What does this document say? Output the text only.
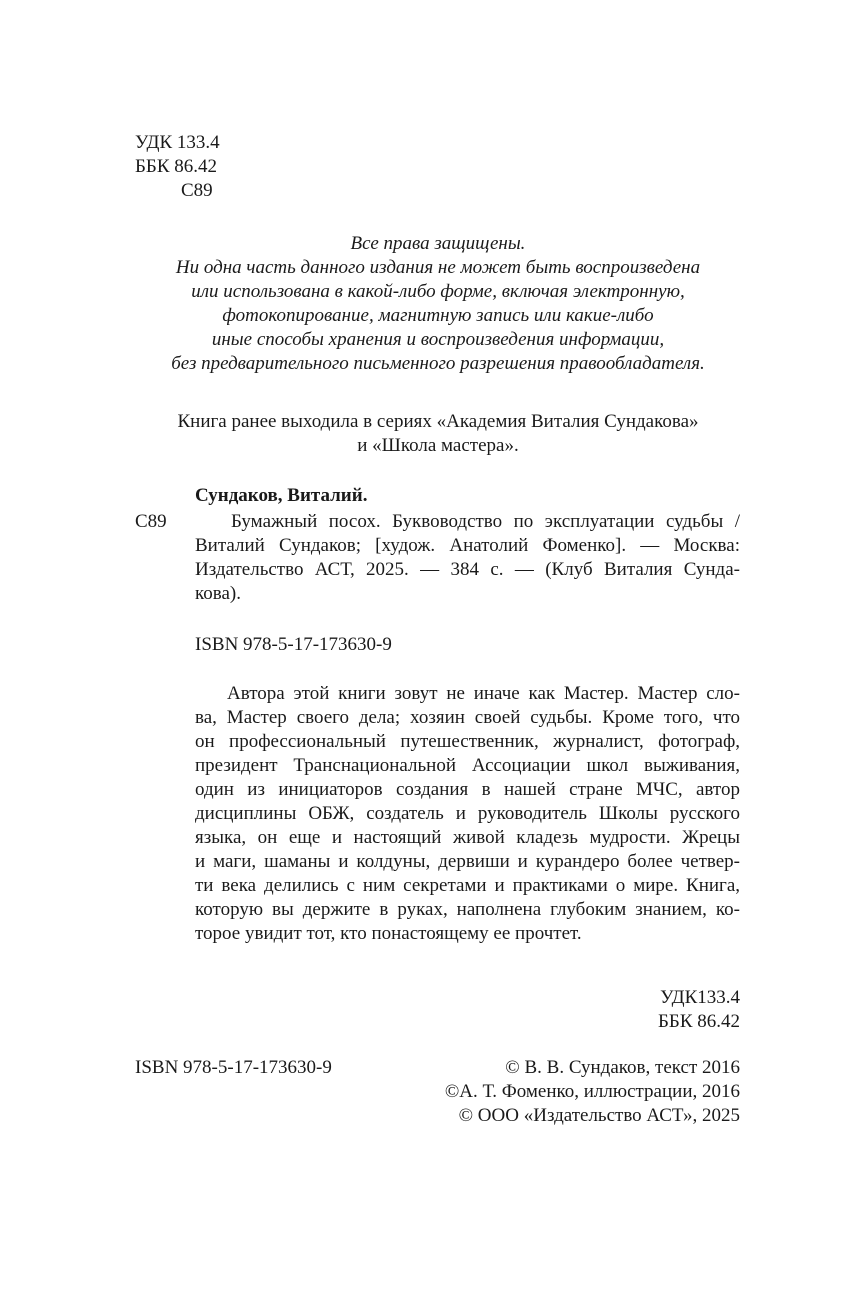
УДК 133.4
ББК 86.42
С89
Все права защищены.
Ни одна часть данного издания не может быть воспроизведена
или использована в какой-либо форме, включая электронную,
фотокопирование, магнитную запись или какие-либо
иные способы хранения и воспроизведения информации,
без предварительного письменного разрешения правообладателя.
Книга ранее выходила в сериях «Академия Виталия Сундакова»
и «Школа мастера».
Сундаков, Виталий.
С89	Бумажный посох. Буквоводство по эксплуатации судьбы /
Виталий Сундаков; [худож. Анатолий Фоменко]. — Москва:
Издательство АСТ, 2025. — 384 с. — (Клуб Виталия Сунда-
кова).
ISBN 978-5-17-173630-9
Автора этой книги зовут не иначе как Мастер. Мастер сло-
ва, Мастер своего дела; хозяин своей судьбы. Кроме того, что
он профессиональный путешественник, журналист, фотограф,
президент Транснациональной Ассоциации школ выживания,
один из инициаторов создания в нашей стране МЧС, автор
дисциплины ОБЖ, создатель и руководитель Школы русского
языка, он еще и настоящий живой кладезь мудрости. Жрецы
и маги, шаманы и колдуны, дервиши и курандеро более четвер-
ти века делились с ним секретами и практиками о мире. Книга,
которую вы держите в руках, наполнена глубоким знанием, ко-
торое увидит тот, кто понастоящему ее прочтет.
УДК133.4
ББК 86.42
ISBN 978-5-17-173630-9	© В. В. Сундаков, текст 2016
©А. Т. Фоменко, иллюстрации, 2016
© ООО «Издательство АСТ», 2025
